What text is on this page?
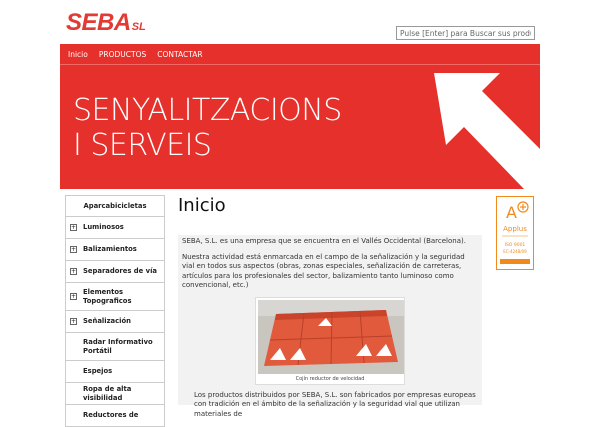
SEBA SL
Pulse [Enter] para Buscar sus productos
Inicio PRODUCTOS CONTACTAR
SENYALITZACIONS
I SERVEIS
Aparcabicicletas
+ Luminosos
+ Balizamientos
+ Separadores de vía
+
Elementos Topograficos
+ Señalización
Radar Informativo Portátil
Espejos
Ropa de alta visibilidad
Reductores de
Inicio

SEBA, S.L. es una empresa que se encuentra en el Vallés Occidental (Barcelona).

Nuestra actividad está enmarcada en el campo de la señalización y la seguridad vial en todos sus aspectos (obras, zonas especiales, señalización de carreteras, artículos para los profesionales del sector, balizamiento tanto luminoso como convencional, etc.)

Cojín reductor de velocidad

Los productos distribuidos por SEBA, S.L. son fabricados por empresas europeas con tradición en el ámbito de la señalización y la seguridad vial que utilizan materiales de

A
Applus
ISO 9001
EC-4248/09
